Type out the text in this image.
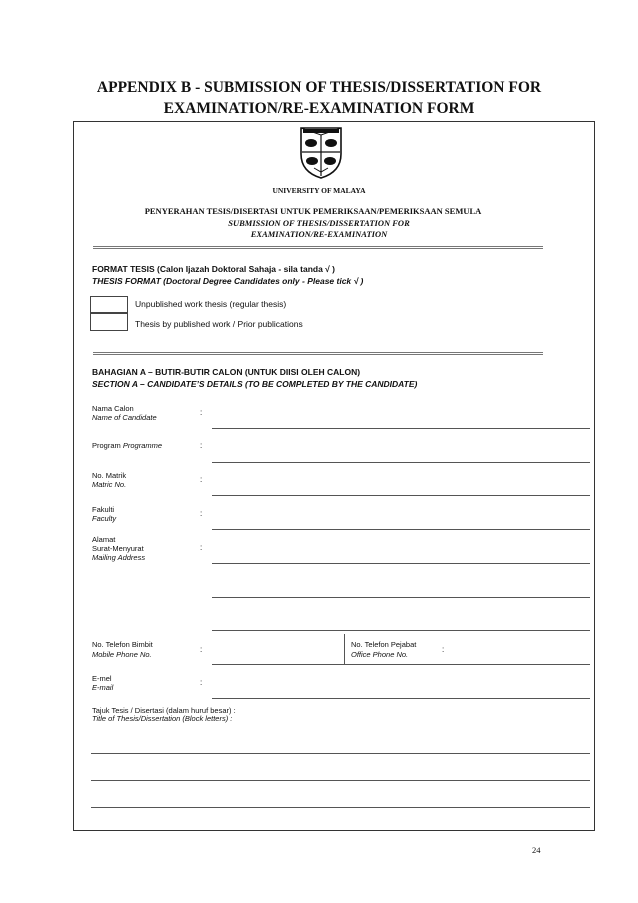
APPENDIX B - SUBMISSION OF THESIS/DISSERTATION FOR
EXAMINATION/RE-EXAMINATION FORM
UNIVERSITY OF MALAYA
PENYERAHAN TESIS/DISERTASI UNTUK PEMERIKSAAN/PEMERIKSAAN SEMULA
SUBMISSION OF THESIS/DISSERTATION FOR
EXAMINATION/RE-EXAMINATION
FORMAT TESIS (Calon Ijazah Doktoral Sahaja - sila tanda √ )
THESIS FORMAT (Doctoral Degree Candidates only - Please tick √ )
Unpublished work thesis (regular thesis)
Thesis by published work / Prior publications
BAHAGIAN A – BUTIR-BUTIR CALON (UNTUK DIISI OLEH CALON)
SECTION A – CANDIDATE’S DETAILS (TO BE COMPLETED BY THE CANDIDATE)
Nama Calon
Name of Candidate
:
Program Programme	:
No. Matrik
Matric No.
:
Fakulti
Faculty
:
Alamat
Surat-Menyurat
Mailing Address
:
No. Telefon Bimbit
Mobile Phone No.
:
No. Telefon Pejabat
Office Phone No.
:
E-mel
E-mail
:
Tajuk Tesis / Disertasi (dalam huruf besar) :
Title of Thesis/Dissertation (Block letters) :
24
